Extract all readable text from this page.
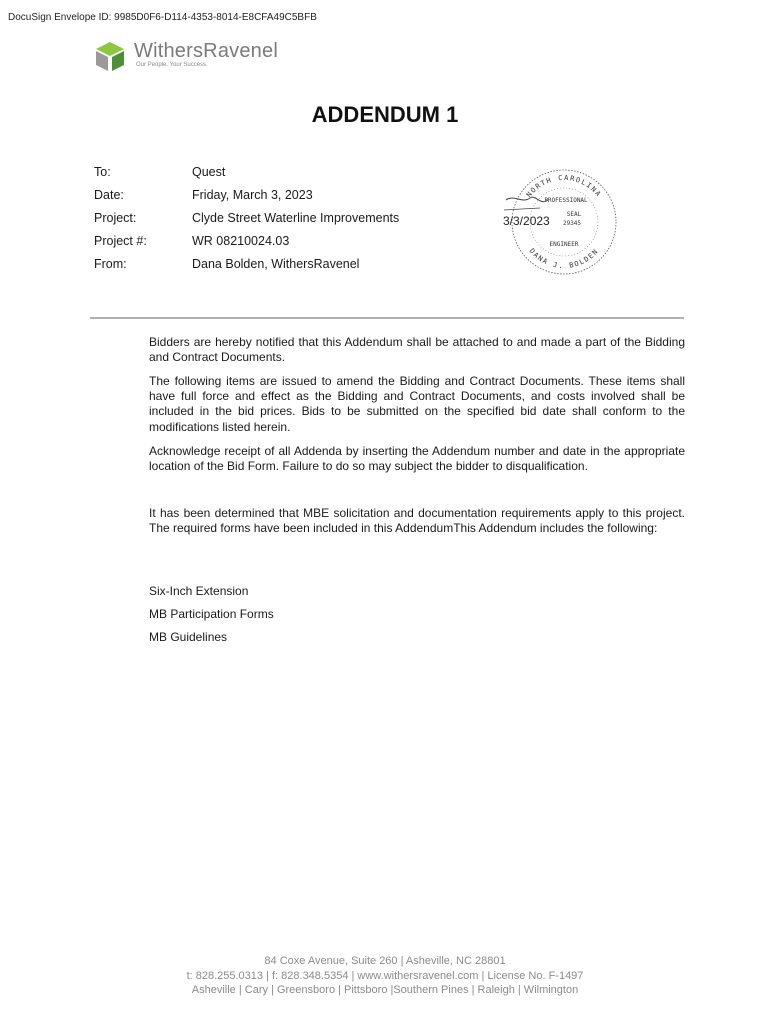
DocuSign Envelope ID: 9985D0F6-D114-4353-8014-E8CFA49C5BFB
WithersRavenel
Our People. Your Success.
ADDENDUM 1
To:	Quest
Date:	Friday, March 3, 2023
Project:	Clyde Street Waterline Improvements
Project #:	WR 08210024.03
From:	Dana Bolden, WithersRavenel
NORTH CAROLINA
DANA J. BOLDEN
PROFESSIONAL
SEAL
29345
ENGINEER
3/3/2023
Bidders are hereby notified that this Addendum shall be attached to and made a part of the Bidding and Contract Documents.
The following items are issued to amend the Bidding and Contract Documents. These items shall have full force and effect as the Bidding and Contract Documents, and costs involved shall be included in the bid prices. Bids to be submitted on the specified bid date shall conform to the modifications listed herein.
Acknowledge receipt of all Addenda by inserting the Addendum number and date in the appropriate location of the Bid Form. Failure to do so may subject the bidder to disqualification.
It has been determined that MBE solicitation and documentation requirements apply to this project. The required forms have been included in this AddendumThis Addendum includes the following:
Six-Inch Extension
MB Participation Forms
MB Guidelines
84 Coxe Avenue, Suite 260 | Asheville, NC 28801
t: 828.255.0313 | f: 828.348.5354 | www.withersravenel.com | License No. F-1497
Asheville | Cary | Greensboro | Pittsboro |Southern Pines | Raleigh | Wilmington
